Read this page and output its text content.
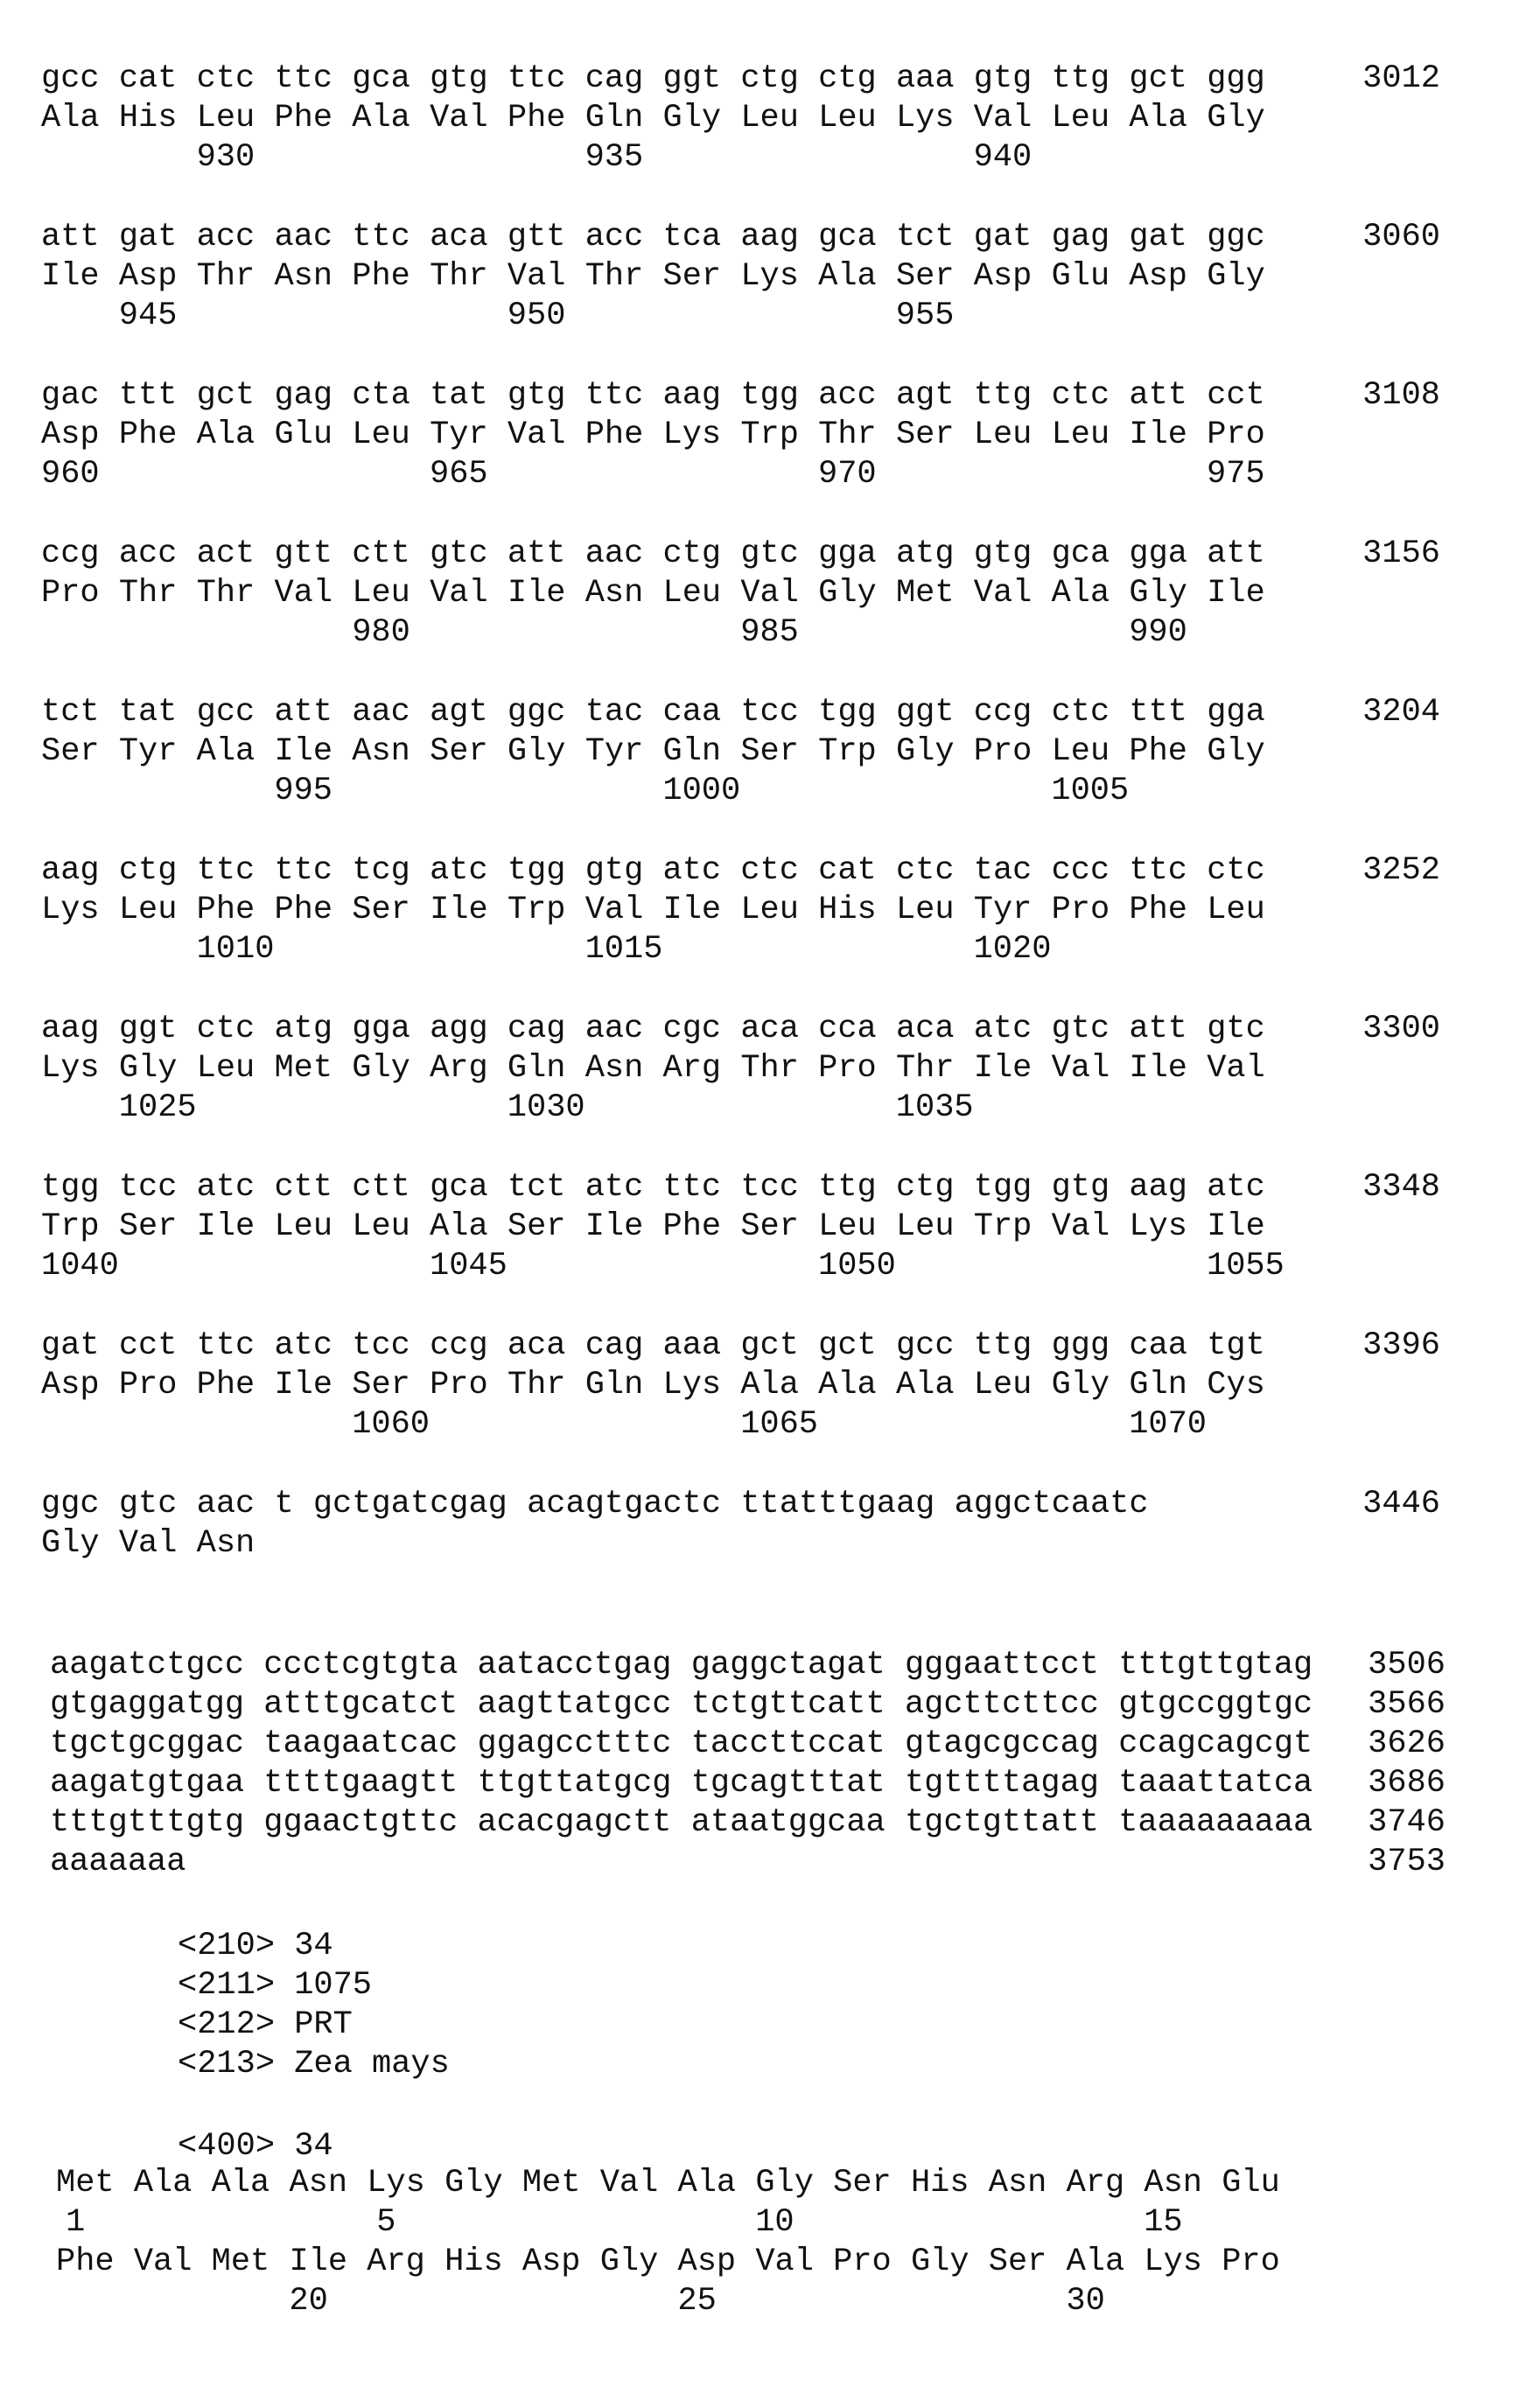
gcc cat ctc ttc gca gtg ttc cag ggt ctg ctg aaa gtg ttg gct ggg	3012
Ala His Leu Phe Ala Val Phe Gln Gly Leu Leu Lys Val Leu Ala Gly
930	935	940
att gat acc aac ttc aca gtt acc tca aag gca tct gat gag gat ggc	3060
Ile Asp Thr Asn Phe Thr Val Thr Ser Lys Ala Ser Asp Glu Asp Gly
945	950	955
gac ttt gct gag cta tat gtg ttc aag tgg acc agt ttg ctc att cct	3108
Asp Phe Ala Glu Leu Tyr Val Phe Lys Trp Thr Ser Leu Leu Ile Pro
960	965	970	975
ccg acc act gtt ctt gtc att aac ctg gtc gga atg gtg gca gga att	3156
Pro Thr Thr Val Leu Val Ile Asn Leu Val Gly Met Val Ala Gly Ile
980	985	990
tct tat gcc att aac agt ggc tac caa tcc tgg ggt ccg ctc ttt gga	3204
Ser Tyr Ala Ile Asn Ser Gly Tyr Gln Ser Trp Gly Pro Leu Phe Gly
995	1000	1005
aag ctg ttc ttc tcg atc tgg gtg atc ctc cat ctc tac ccc ttc ctc	3252
Lys Leu Phe Phe Ser Ile Trp Val Ile Leu His Leu Tyr Pro Phe Leu
1010	1015	1020
aag ggt ctc atg gga agg cag aac cgc aca cca aca atc gtc att gtc	3300
Lys Gly Leu Met Gly Arg Gln Asn Arg Thr Pro Thr Ile Val Ile Val
1025	1030	1035
tgg tcc atc ctt ctt gca tct atc ttc tcc ttg ctg tgg gtg aag atc	3348
Trp Ser Ile Leu Leu Ala Ser Ile Phe Ser Leu Leu Trp Val Lys Ile
1040	1045	1050	1055
gat cct ttc atc tcc ccg aca cag aaa gct gct gcc ttg ggg caa tgt	3396
Asp Pro Phe Ile Ser Pro Thr Gln Lys Ala Ala Ala Leu Gly Gln Cys
1060	1065	1070
ggc gtc aac t gctgatcgag acagtgactc ttatttgaag aggctcaatc	3446
Gly Val Asn
aagatctgcc ccctcgtgta aatacctgag gaggctagat gggaattcct tttgttgtag 3506
gtgaggatgg atttgcatct aagttatgcc tctgttcatt agcttcttcc gtgccggtgc 3566
tgctgcggac taagaatcac ggagcctttc taccttccat gtagcgccag ccagcagcgt 3626
aagatgtgaa ttttgaagtt ttgttatgcg tgcagtttat tgttttagag taaattatca 3686
tttgtttgtg ggaactgttc acacgagctt ataatggcaa tgctgttatt taaaaaaaaa 3746
aaaaaaa	3753
<210> 34
<211> 1075
<212> PRT
<213> Zea mays
<400> 34
Met Ala Ala Asn Lys Gly Met Val Ala Gly Ser His Asn Arg Asn Glu
1	5	10	15
Phe Val Met Ile Arg His Asp Gly Asp Val Pro Gly Ser Ala Lys Pro
20	25	30
